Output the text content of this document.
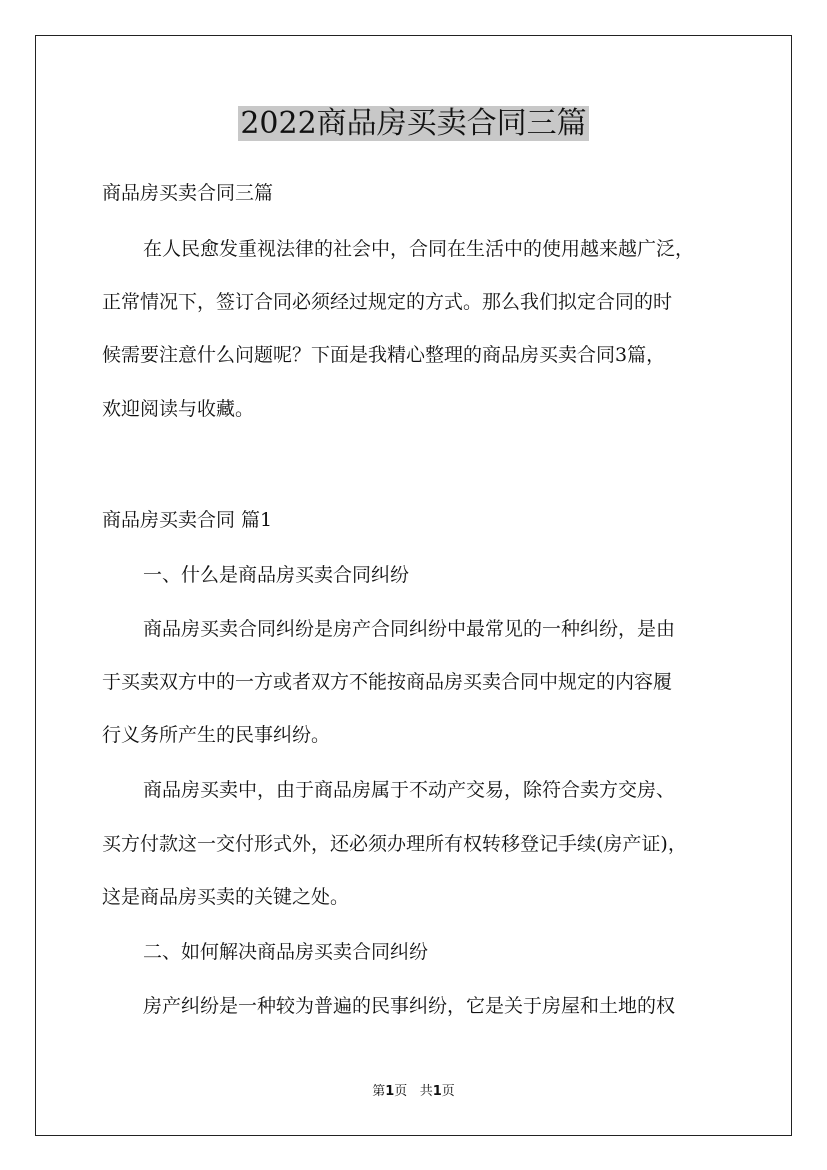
2022商品房买卖合同三篇

商品房买卖合同三篇

在人民愈发重视法律的社会中，合同在生活中的使用越来越广泛，

正常情况下，签订合同必须经过规定的方式。那么我们拟定合同的时

候需要注意什么问题呢？下面是我精心整理的商品房买卖合同3篇，

欢迎阅读与收藏。

商品房买卖合同 篇1

一、什么是商品房买卖合同纠纷

商品房买卖合同纠纷是房产合同纠纷中最常见的一种纠纷，是由

于买卖双方中的一方或者双方不能按商品房买卖合同中规定的内容履

行义务所产生的民事纠纷。

商品房买卖中，由于商品房属于不动产交易，除符合卖方交房、

买方付款这一交付形式外，还必须办理所有权转移登记手续(房产证)，

这是商品房买卖的关键之处。

二、如何解决商品房买卖合同纠纷

房产纠纷是一种较为普遍的民事纠纷，它是关于房屋和土地的权

第1页 共1页
